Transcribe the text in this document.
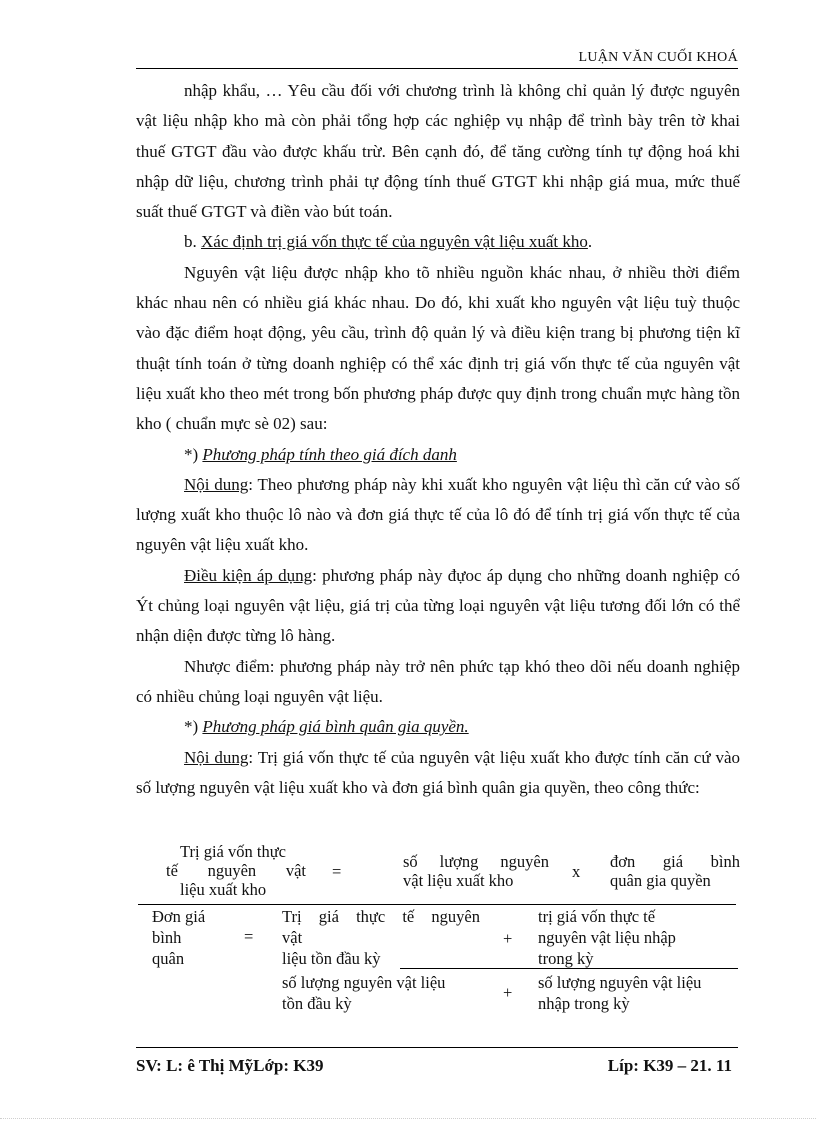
LUẬN VĂN CUỐI KHOÁ

nhập khẩu, … Yêu cầu đối với chương trình là không chỉ quản lý được nguyên vật liệu nhập kho mà còn phải tổng hợp các nghiệp vụ nhập để trình bày trên tờ khai thuế GTGT đầu vào được khấu trừ. Bên cạnh đó, để tăng cường tính tự động hoá khi nhập dữ liệu, chương trình phải tự động tính thuế GTGT khi nhập giá mua, mức thuế suất thuế GTGT và điền vào bút toán.

b. Xác định trị giá vốn thực tế của nguyên vật liệu xuất kho.

Nguyên vật liệu được nhập kho tõ nhiều nguồn khác nhau, ở nhiều thời điểm khác nhau nên có nhiều giá khác nhau. Do đó, khi xuất kho nguyên vật liệu tuỳ thuộc vào đặc điểm hoạt động, yêu cầu, trình độ quản lý và điều kiện trang bị phương tiện kĩ thuật tính toán ở từng doanh nghiệp có thể xác định trị giá vốn thực tế của nguyên vật liệu xuất kho theo mét trong bốn phương pháp được quy định trong chuẩn mực hàng tồn kho ( chuẩn mực sè 02) sau:

*) Phương pháp tính theo giá đích danh

Nội dung: Theo phương pháp này khi xuất kho nguyên vật liệu thì căn cứ vào số lượng xuất kho thuộc lô nào và đơn giá thực tế của lô đó để tính trị giá vốn thực tế của nguyên vật liệu xuất kho.

Điều kiện áp dụng: phương pháp này đựoc áp dụng cho những doanh nghiệp có Ýt chủng loại nguyên vật liệu, giá trị của từng loại nguyên vật liệu tương đối lớn có thể nhận diện được từng lô hàng.

Nhược điểm: phương pháp này trở nên phức tạp khó theo dõi nếu doanh nghiệp có nhiều chủng loại nguyên vật liệu.

*) Phương pháp giá bình quân gia quyền.

Nội dung: Trị giá vốn thực tế của nguyên vật liệu xuất kho được tính căn cứ vào số lượng nguyên vật liệu xuất kho và đơn giá bình quân gia quyền, theo công thức:

Trị giá vốn thực
tế nguyên vật
liệu xuất kho
=
số lượng nguyên
vật liệu xuất kho	x
đơn giá bình
quân gia quyền
Đơn giá
bình
quân
=
Trị giá thực tế nguyên
vật
liệu tồn đầu kỳ
+
trị giá vốn thực tế
nguyên vật liệu nhập
trong kỳ
số lượng nguyên vật liệu
tồn đầu kỳ
+
số lượng nguyên vật liệu
nhập trong kỳ
SV: L: ê Thị MỹLớp: K39	Líp: K39 – 21. 11
